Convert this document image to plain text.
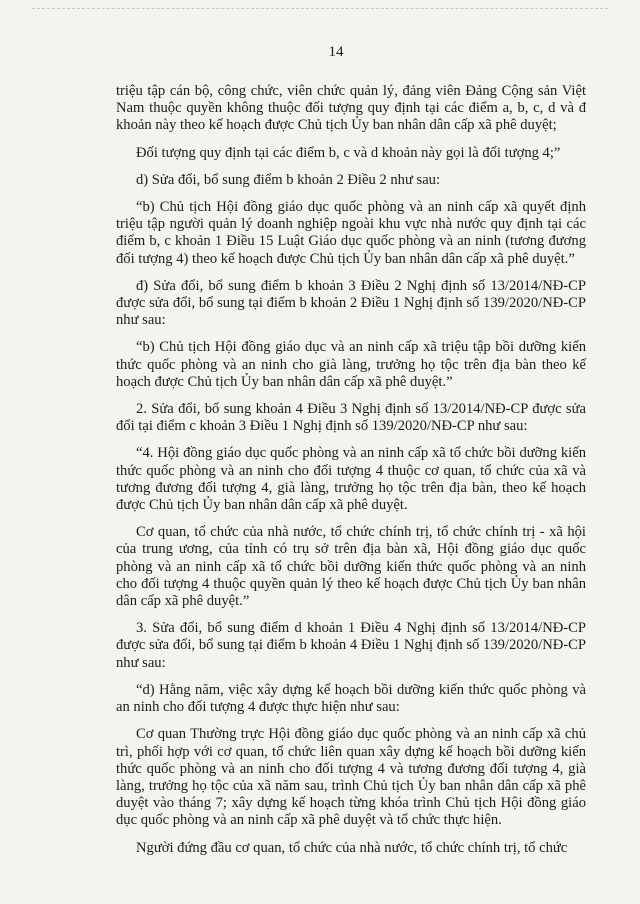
14

triệu tập cán bộ, công chức, viên chức quản lý, đảng viên Đảng Cộng sản Việt Nam thuộc quyền không thuộc đối tượng quy định tại các điểm a, b, c, d và đ khoản này theo kế hoạch được Chủ tịch Ủy ban nhân dân cấp xã phê duyệt;

Đối tượng quy định tại các điểm b, c và d khoản này gọi là đối tượng 4;”

d) Sửa đổi, bổ sung điểm b khoản 2 Điều 2 như sau:

“b) Chủ tịch Hội đồng giáo dục quốc phòng và an ninh cấp xã quyết định triệu tập người quản lý doanh nghiệp ngoài khu vực nhà nước quy định tại các điểm b, c khoản 1 Điều 15 Luật Giáo dục quốc phòng và an ninh (tương đương đối tượng 4) theo kế hoạch được Chủ tịch Ủy ban nhân dân cấp xã phê duyệt.”

đ) Sửa đổi, bổ sung điểm b khoản 3 Điều 2 Nghị định số 13/2014/NĐ-CP được sửa đổi, bổ sung tại điểm b khoản 2 Điều 1 Nghị định số 139/2020/NĐ-CP như sau:

“b) Chủ tịch Hội đồng giáo dục và an ninh cấp xã triệu tập bồi dưỡng kiến thức quốc phòng và an ninh cho già làng, trưởng họ tộc trên địa bàn theo kế hoạch được Chủ tịch Ủy ban nhân dân cấp xã phê duyệt.”

2. Sửa đổi, bổ sung khoản 4 Điều 3 Nghị định số 13/2014/NĐ-CP được sửa đổi tại điểm c khoản 3 Điều 1 Nghị định số 139/2020/NĐ-CP như sau:

“4. Hội đồng giáo dục quốc phòng và an ninh cấp xã tổ chức bồi dưỡng kiến thức quốc phòng và an ninh cho đối tượng 4 thuộc cơ quan, tổ chức của xã và tương đương đối tượng 4, già làng, trưởng họ tộc trên địa bàn, theo kế hoạch được Chủ tịch Ủy ban nhân dân cấp xã phê duyệt.

Cơ quan, tổ chức của nhà nước, tổ chức chính trị, tổ chức chính trị - xã hội của trung ương, của tỉnh có trụ sở trên địa bàn xã, Hội đồng giáo dục quốc phòng và an ninh cấp xã tổ chức bồi dưỡng kiến thức quốc phòng và an ninh cho đối tượng 4 thuộc quyền quản lý theo kế hoạch được Chủ tịch Ủy ban nhân dân cấp xã phê duyệt.”

3. Sửa đổi, bổ sung điểm d khoản 1 Điều 4 Nghị định số 13/2014/NĐ-CP được sửa đổi, bổ sung tại điểm b khoản 4 Điều 1 Nghị định số 139/2020/NĐ-CP như sau:

“d) Hằng năm, việc xây dựng kế hoạch bồi dưỡng kiến thức quốc phòng và an ninh cho đối tượng 4 được thực hiện như sau:

Cơ quan Thường trực Hội đồng giáo dục quốc phòng và an ninh cấp xã chủ trì, phối hợp với cơ quan, tổ chức liên quan xây dựng kế hoạch bồi dưỡng kiến thức quốc phòng và an ninh cho đối tượng 4 và tương đương đối tượng 4, già làng, trưởng họ tộc của xã năm sau, trình Chủ tịch Ủy ban nhân dân cấp xã phê duyệt vào tháng 7; xây dựng kế hoạch từng khóa trình Chủ tịch Hội đồng giáo dục quốc phòng và an ninh cấp xã phê duyệt và tổ chức thực hiện.

Người đứng đầu cơ quan, tổ chức của nhà nước, tổ chức chính trị, tổ chức
